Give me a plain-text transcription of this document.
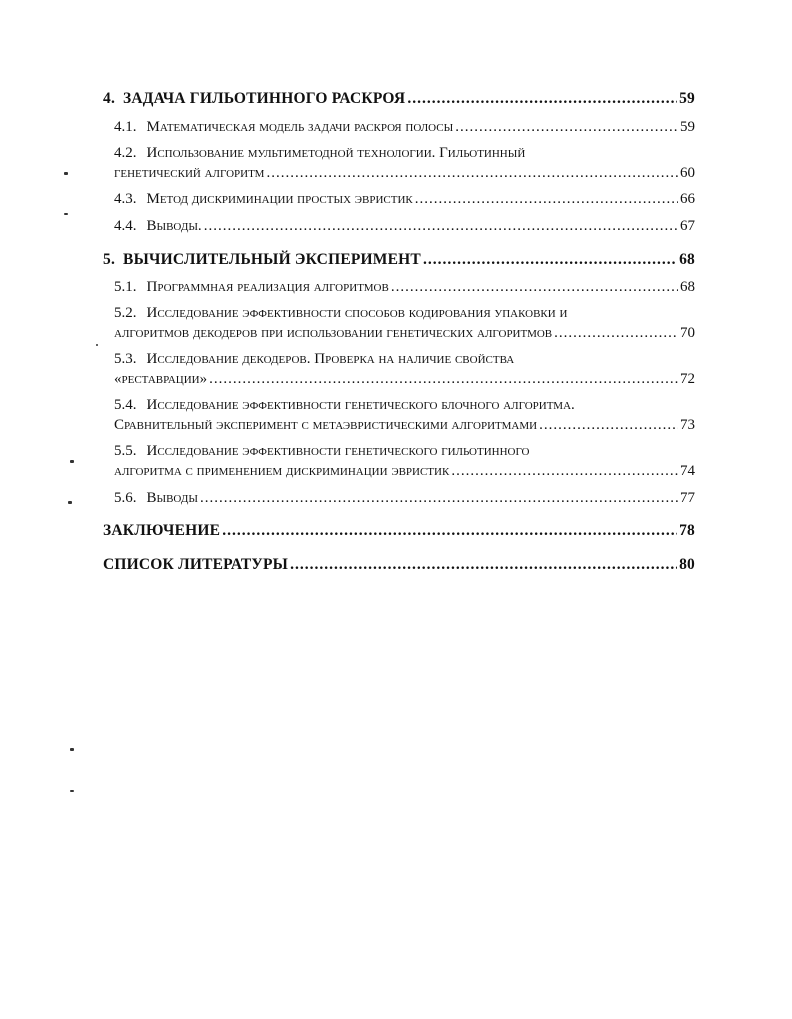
4. ЗАДАЧА ГИЛЬОТИННОГО РАСКРОЯ .....	59
4.1. Математическая модель задачи раскроя полосы .....	59
4.2. Использование мультиметодной технологии. Гильотинный
генетический алгоритм .....	60
4.3. Метод дискриминации простых эвристик .....	66
4.4. Выводы. .....	67
5. ВЫЧИСЛИТЕЛЬНЫЙ ЭКСПЕРИМЕНТ .....	68
5.1. Программная реализация алгоритмов .....	68
5.2. Исследование эффективности способов кодирования упаковки и
алгоритмов декодеров при использовании генетических алгоритмов .....	70
5.3. Исследование декодеров. Проверка на наличие свойства
«реставрации» .....	72
5.4. Исследование эффективности генетического блочного алгоритма.
Сравнительный эксперимент с метаэвристическими алгоритмами .....	73
5.5. Исследование эффективности генетического гильотинного
алгоритма с применением дискриминации эвристик .....	74
5.6. Выводы .....	77
ЗАКЛЮЧЕНИЕ .....	78
СПИСОК ЛИТЕРАТУРЫ .....	80
